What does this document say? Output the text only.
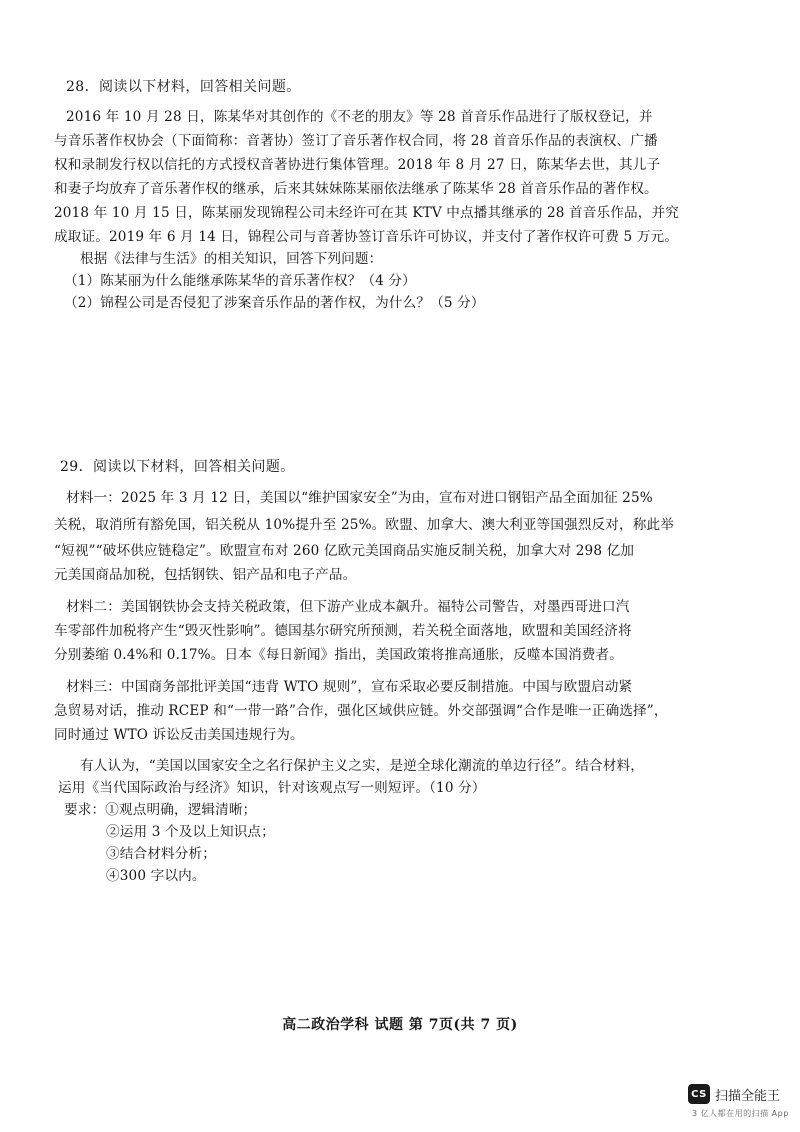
28．阅读以下材料，回答相关问题。
2016 年 10 月 28 日，陈某华对其创作的《不老的朋友》等 28 首音乐作品进行了版权登记，并
与音乐著作权协会（下面简称：音著协）签订了音乐著作权合同，将 28 首音乐作品的表演权、广播
权和录制发行权以信托的方式授权音著协进行集体管理。2018 年 8 月 27 日，陈某华去世，其儿子
和妻子均放弃了音乐著作权的继承，后来其妹妹陈某丽依法继承了陈某华 28 首音乐作品的著作权。
2018 年 10 月 15 日，陈某丽发现锦程公司未经许可在其 KTV 中点播其继承的 28 首音乐作品，并究
成取证。2019 年 6 月 14 日，锦程公司与音著协签订音乐许可协议，并支付了著作权许可费 5 万元。
根据《法律与生活》的相关知识，回答下列问题：
（1）陈某丽为什么能继承陈某华的音乐著作权？（4 分）
（2）锦程公司是否侵犯了涉案音乐作品的著作权，为什么？（5 分）
29．阅读以下材料，回答相关问题。
材料一：2025 年 3 月 12 日，美国以“维护国家安全”为由，宣布对进口钢铝产品全面加征 25%
关税，取消所有豁免国，铝关税从 10%提升至 25%。欧盟、加拿大、澳大利亚等国强烈反对，称此举
“短视”“破坏供应链稳定”。欧盟宣布对 260 亿欧元美国商品实施反制关税，加拿大对 298 亿加
元美国商品加税，包括钢铁、铝产品和电子产品。
材料二：美国钢铁协会支持关税政策，但下游产业成本飙升。福特公司警告，对墨西哥进口汽
车零部件加税将产生“毁灭性影响”。德国基尔研究所预测，若关税全面落地，欧盟和美国经济将
分别萎缩 0.4%和 0.17%。日本《每日新闻》指出，美国政策将推高通胀，反噬本国消费者。
材料三：中国商务部批评美国“违背 WTO 规则”，宣布采取必要反制措施。中国与欧盟启动紧
急贸易对话，推动 RCEP 和“一带一路”合作，强化区域供应链。外交部强调“合作是唯一正确选择”，
同时通过 WTO 诉讼反击美国违规行为。
有人认为，“美国以国家安全之名行保护主义之实，是逆全球化潮流的单边行径”。结合材料，
运用《当代国际政治与经济》知识，针对该观点写一则短评。（10 分）
要求：①观点明确，逻辑清晰；
②运用 3 个及以上知识点；
③结合材料分析；
④300 字以内。
高二政治学科 试题 第 7页(共 7 页)
CS 扫描全能王
3 亿人都在用的扫描 App
